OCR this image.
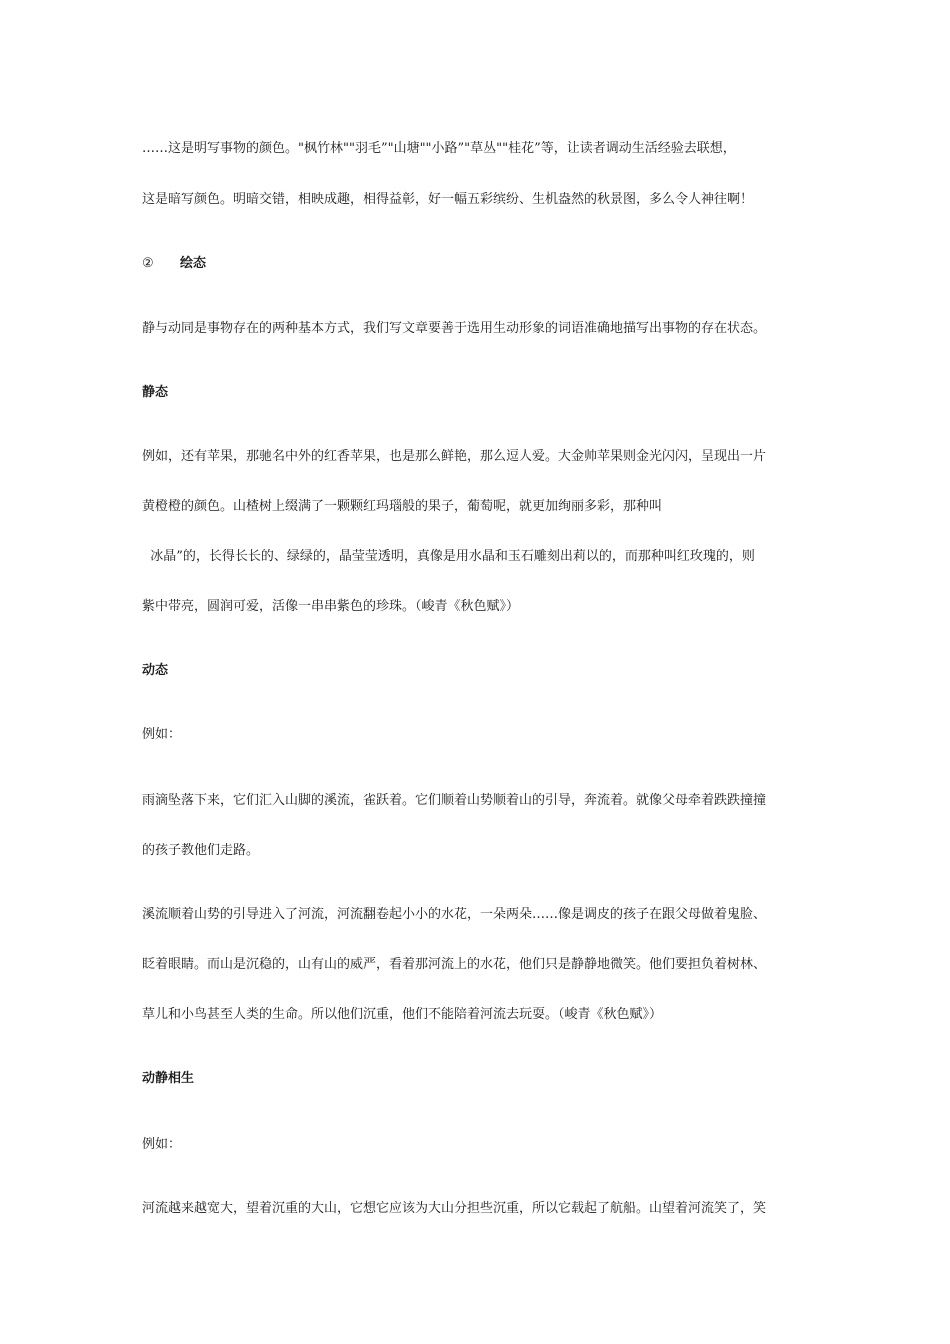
……这是明写事物的颜色。"枫竹林""羽毛”"山塘""小路”"草丛""桂花”等，让读者调动生活经验去联想，
这是暗写颜色。明暗交错，相映成趣，相得益彰，好一幅五彩缤纷、生机盎然的秋景图，多么令人神往啊！
② 绘态
静与动同是事物存在的两种基本方式，我们写文章要善于选用生动形象的词语准确地描写出事物的存在状态。
静态
例如，还有苹果，那驰名中外的红香苹果，也是那么鲜艳，那么逗人爱。大金帅苹果则金光闪闪，呈现出一片
黄橙橙的颜色。山楂树上缀满了一颗颗红玛瑙般的果子，葡萄呢，就更加绚丽多彩，那种叫
冰晶”的，长得长长的、绿绿的，晶莹莹透明，真像是用水晶和玉石雕刻出莉以的，而那种叫红玫瑰的，则
紫中带亮，圆润可爱，活像一串串紫色的珍珠。（峻青《秋色赋》）
动态
例如：
雨滴坠落下来，它们汇入山脚的溪流，雀跃着。它们顺着山势顺着山的引导，奔流着。就像父母牵着跌跌撞撞
的孩子教他们走路。
溪流顺着山势的引导进入了河流，河流翻卷起小小的水花，一朵两朵……像是调皮的孩子在跟父母做着鬼脸、
眨着眼睛。而山是沉稳的，山有山的威严，看着那河流上的水花，他们只是静静地微笑。他们要担负着树林、
草儿和小鸟甚至人类的生命。所以他们沉重，他们不能陪着河流去玩耍。（峻青《秋色赋》）
动静相生
例如：
河流越来越宽大，望着沉重的大山，它想它应该为大山分担些沉重，所以它载起了航船。山望着河流笑了，笑
